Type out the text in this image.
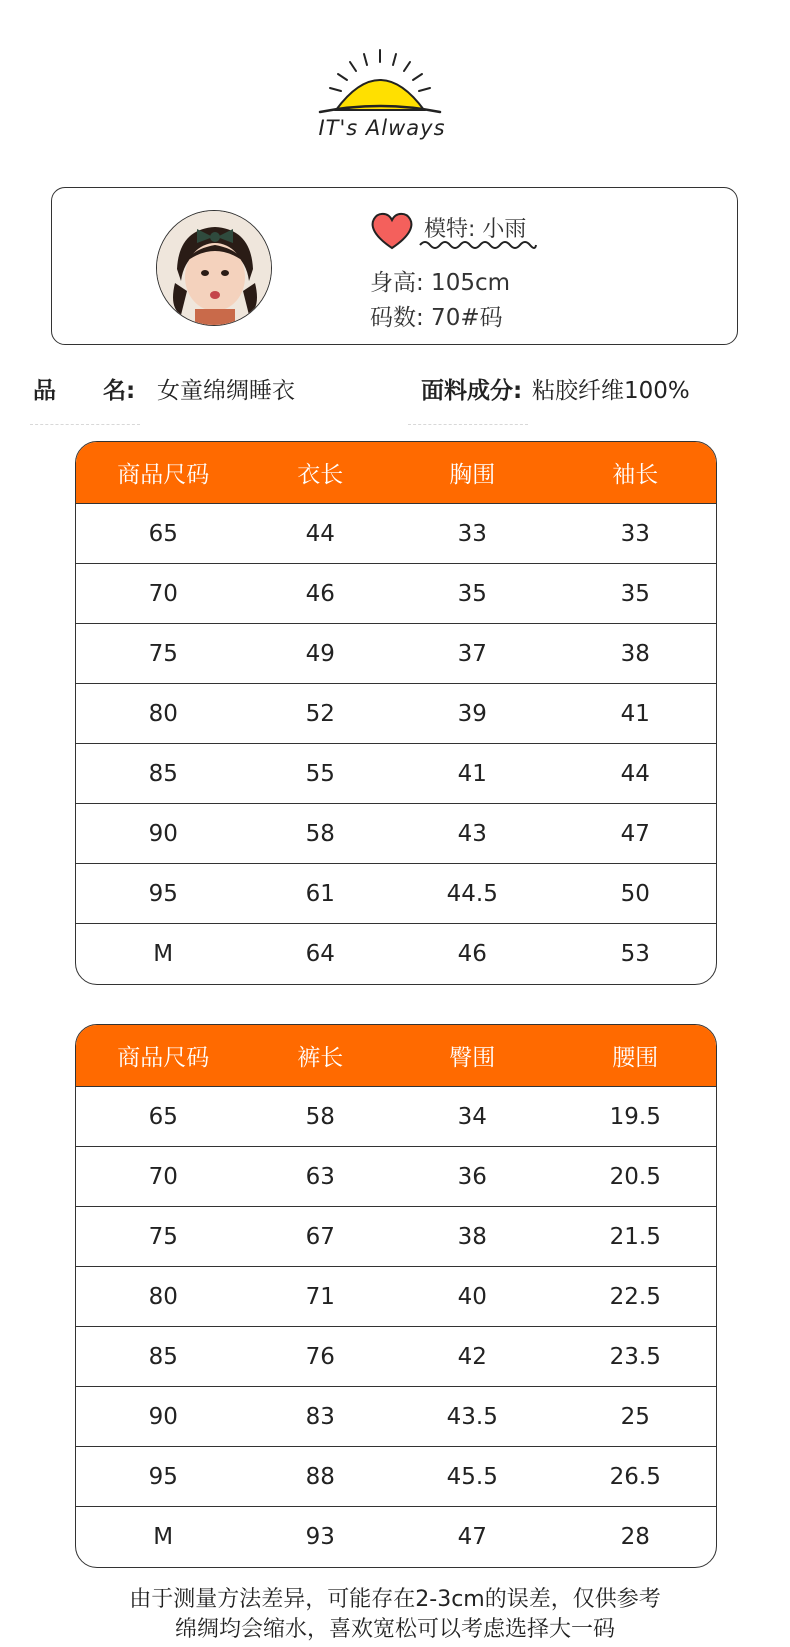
IT's Always
模特: 小雨
身高: 105cm
码数: 70#码
品 名: 女童绵绸睡衣	面料成分: 粘胶纤维100%
商品尺码	衣长	胸围	袖长
65	44	33	33
70	46	35	35
75	49	37	38
80	52	39	41
85	55	41	44
90	58	43	47
95	61	44.5	50
M	64	46	53
商品尺码	裤长	臀围	腰围
65	58	34	19.5
70	63	36	20.5
75	67	38	21.5
80	71	40	22.5
85	76	42	23.5
90	83	43.5	25
95	88	45.5	26.5
M	93	47	28
由于测量方法差异，可能存在2-3cm的误差，仅供参考
绵绸均会缩水，喜欢宽松可以考虑选择大一码
